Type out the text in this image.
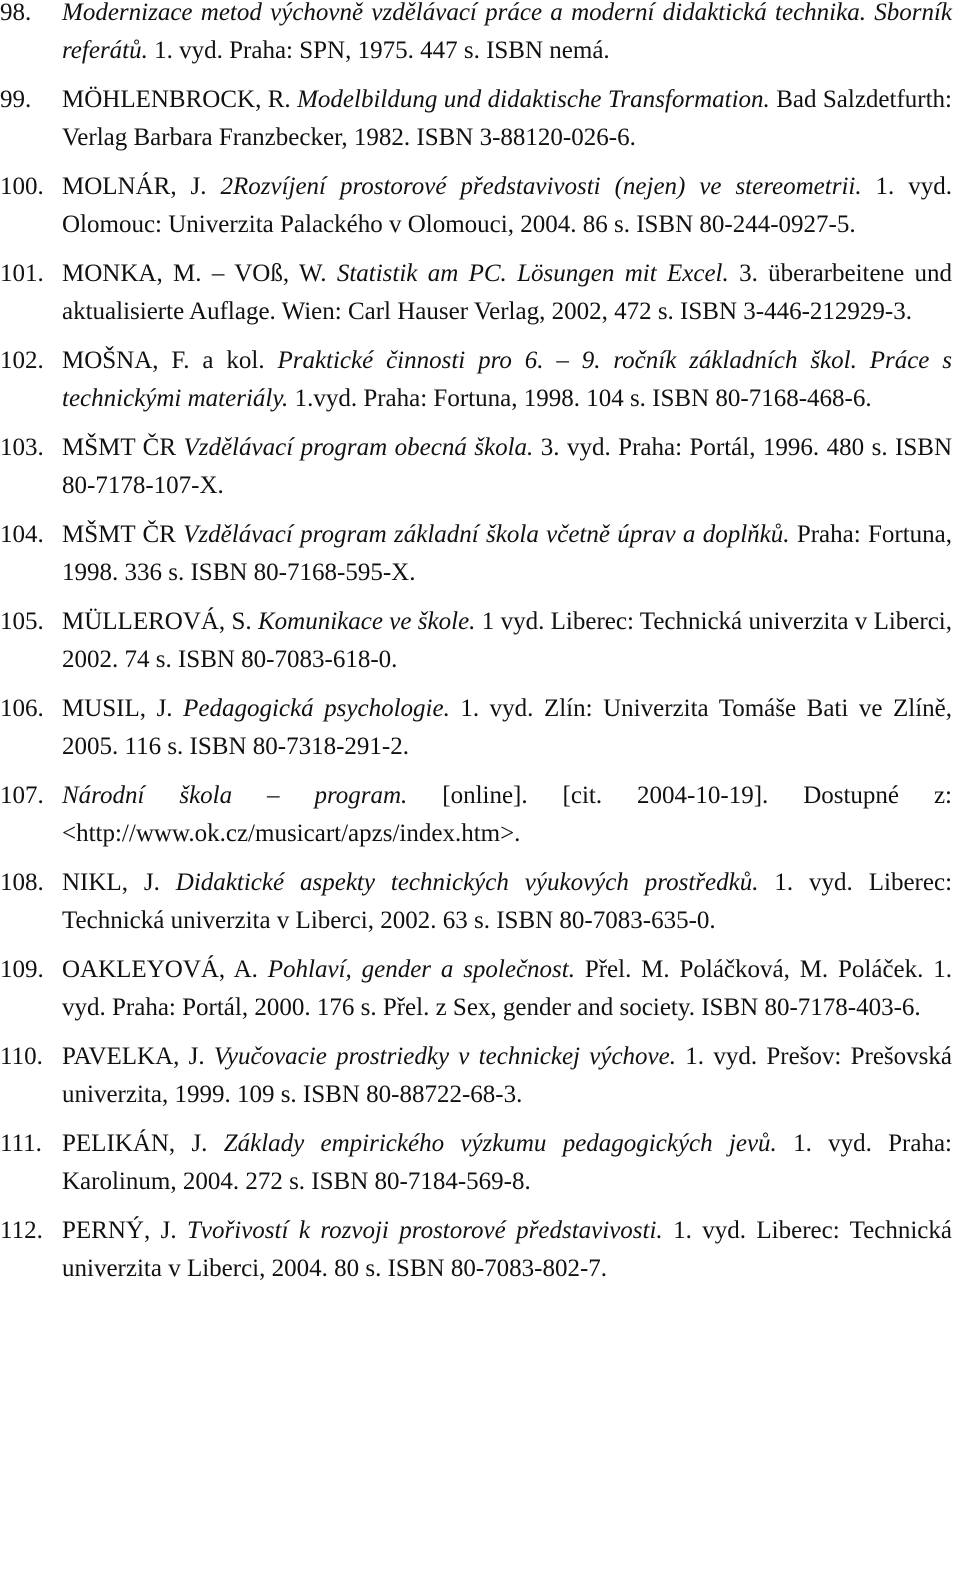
98. Modernizace metod výchovně vzdělávací práce a moderní didaktická technika. Sborník referátů. 1. vyd. Praha: SPN, 1975. 447 s. ISBN nemá.
99. MÖHLENBROCK, R. Modelbildung und didaktische Transformation. Bad Salzdetfurth: Verlag Barbara Franzbecker, 1982. ISBN 3-88120-026-6.
100. MOLNÁR, J. 2Rozvíjení prostorové představivosti (nejen) ve stereometrii. 1. vyd. Olomouc: Univerzita Palackého v Olomouci, 2004. 86 s. ISBN 80-244-0927-5.
101. MONKA, M. – VOß, W. Statistik am PC. Lösungen mit Excel. 3. überarbeitene und aktualisierte Auflage. Wien: Carl Hauser Verlag, 2002, 472 s. ISBN 3-446-212929-3.
102. MOŠNA, F. a kol. Praktické činnosti pro 6. – 9. ročník základních škol. Práce s technickými materiály. 1.vyd. Praha: Fortuna, 1998. 104 s. ISBN 80-7168-468-6.
103. MŠMT ČR Vzdělávací program obecná škola. 3. vyd. Praha: Portál, 1996. 480 s. ISBN 80-7178-107-X.
104. MŠMT ČR Vzdělávací program základní škola včetně úprav a doplňků. Praha: Fortuna, 1998. 336 s. ISBN 80-7168-595-X.
105. MÜLLEROVÁ, S. Komunikace ve škole. 1 vyd. Liberec: Technická univerzita v Liberci, 2002. 74 s. ISBN 80-7083-618-0.
106. MUSIL, J. Pedagogická psychologie. 1. vyd. Zlín: Univerzita Tomáše Bati ve Zlíně, 2005. 116 s. ISBN 80-7318-291-2.
107. Národní škola – program. [online]. [cit. 2004-10-19]. Dostupné z: <http://www.ok.cz/musicart/apzs/index.htm>.
108. NIKL, J. Didaktické aspekty technických výukových prostředků. 1. vyd. Liberec: Technická univerzita v Liberci, 2002. 63 s. ISBN 80-7083-635-0.
109. OAKLEYOVÁ, A. Pohlaví, gender a společnost. Přel. M. Poláčková, M. Poláček. 1. vyd. Praha: Portál, 2000. 176 s. Přel. z Sex, gender and society. ISBN 80-7178-403-6.
110. PAVELKA, J. Vyučovacie prostriedky v technickej výchove. 1. vyd. Prešov: Prešovská univerzita, 1999. 109 s. ISBN 80-88722-68-3.
111. PELIKÁN, J. Základy empirického výzkumu pedagogických jevů. 1. vyd. Praha: Karolinum, 2004. 272 s. ISBN 80-7184-569-8.
112. PERNÝ, J. Tvořivostí k rozvoji prostorové představivosti. 1. vyd. Liberec: Technická univerzita v Liberci, 2004. 80 s. ISBN 80-7083-802-7.
